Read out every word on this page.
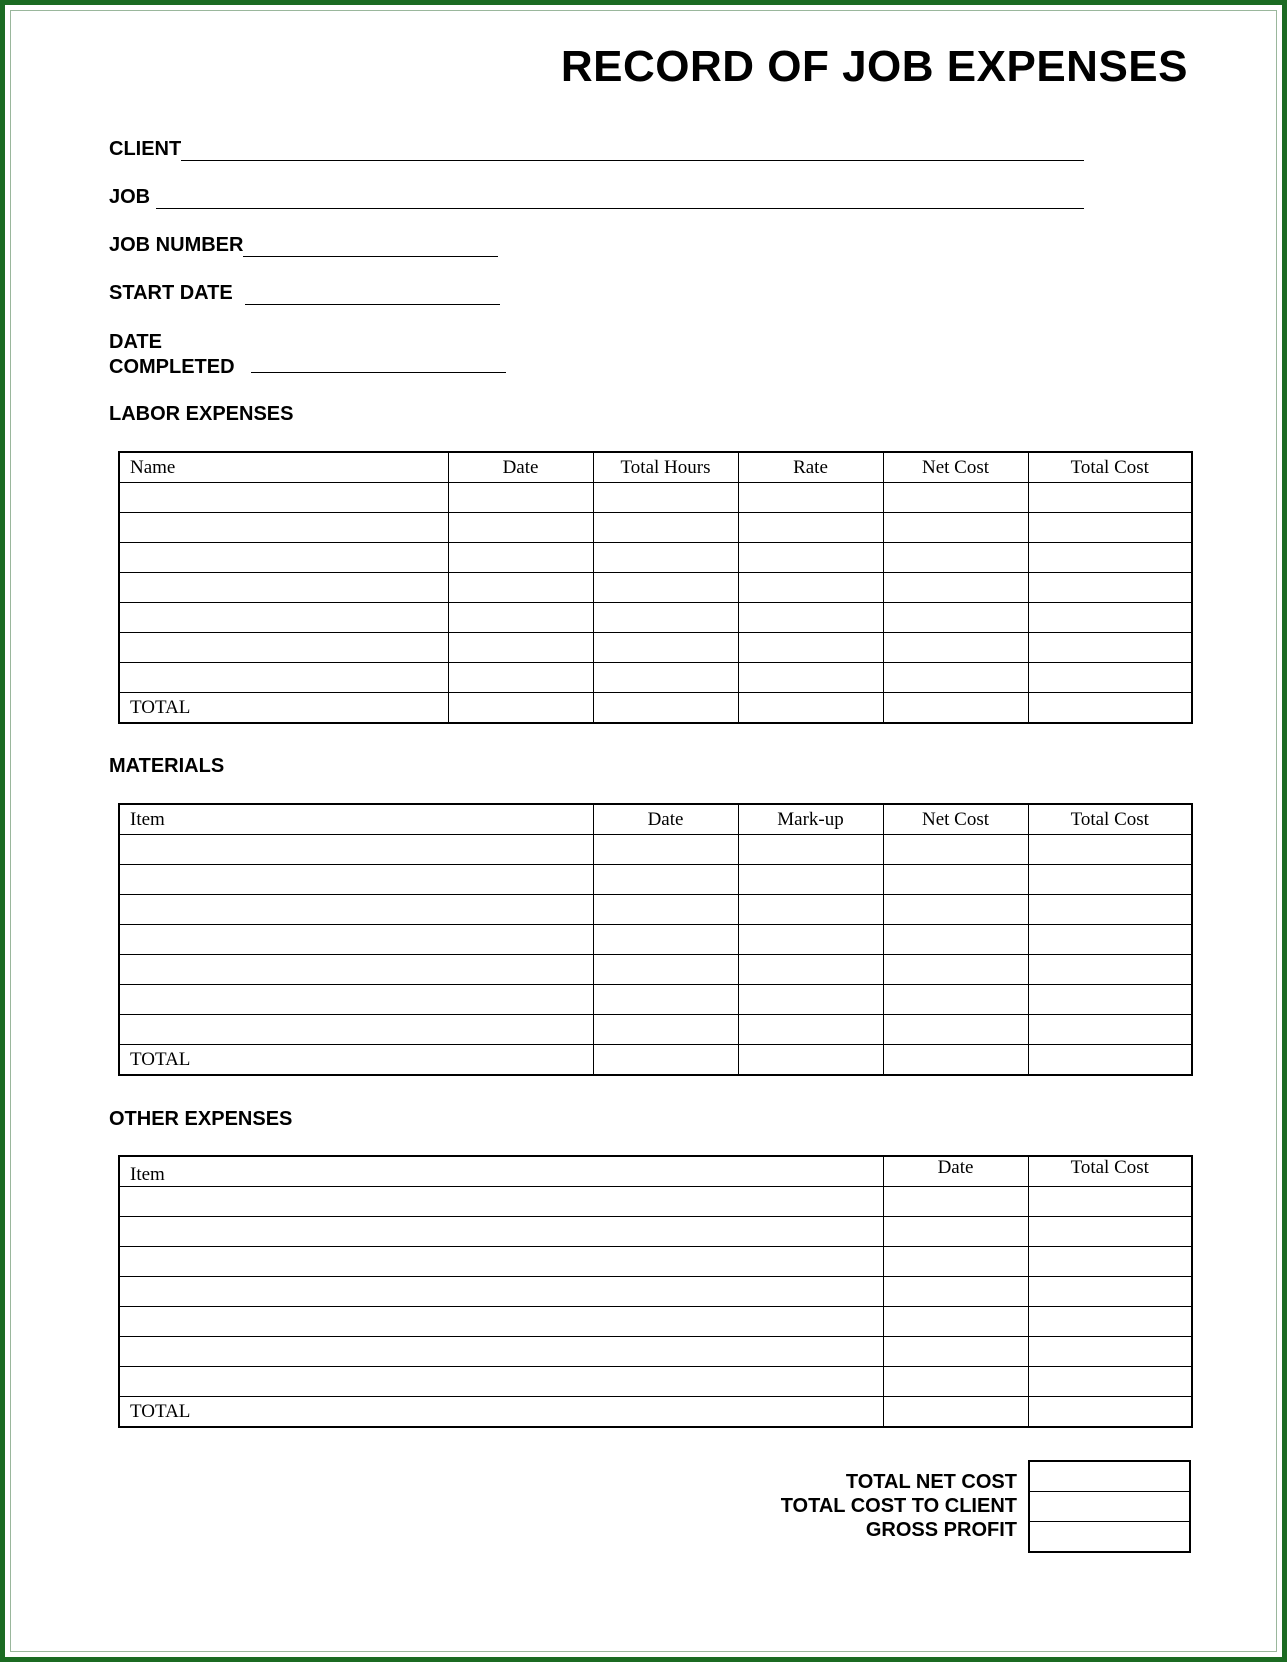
RECORD OF JOB EXPENSES
CLIENT
JOB
JOB NUMBER
START DATE
DATE
COMPLETED
LABOR EXPENSES
Name	Date	Total Hours	Rate	Net Cost	Total Cost

TOTAL					
MATERIALS
Item	Date	Mark-up	Net Cost	Total Cost

TOTAL				
OTHER EXPENSES
Item	Date	Total Cost

TOTAL		
TOTAL NET COST
TOTAL COST TO CLIENT
GROSS PROFIT
